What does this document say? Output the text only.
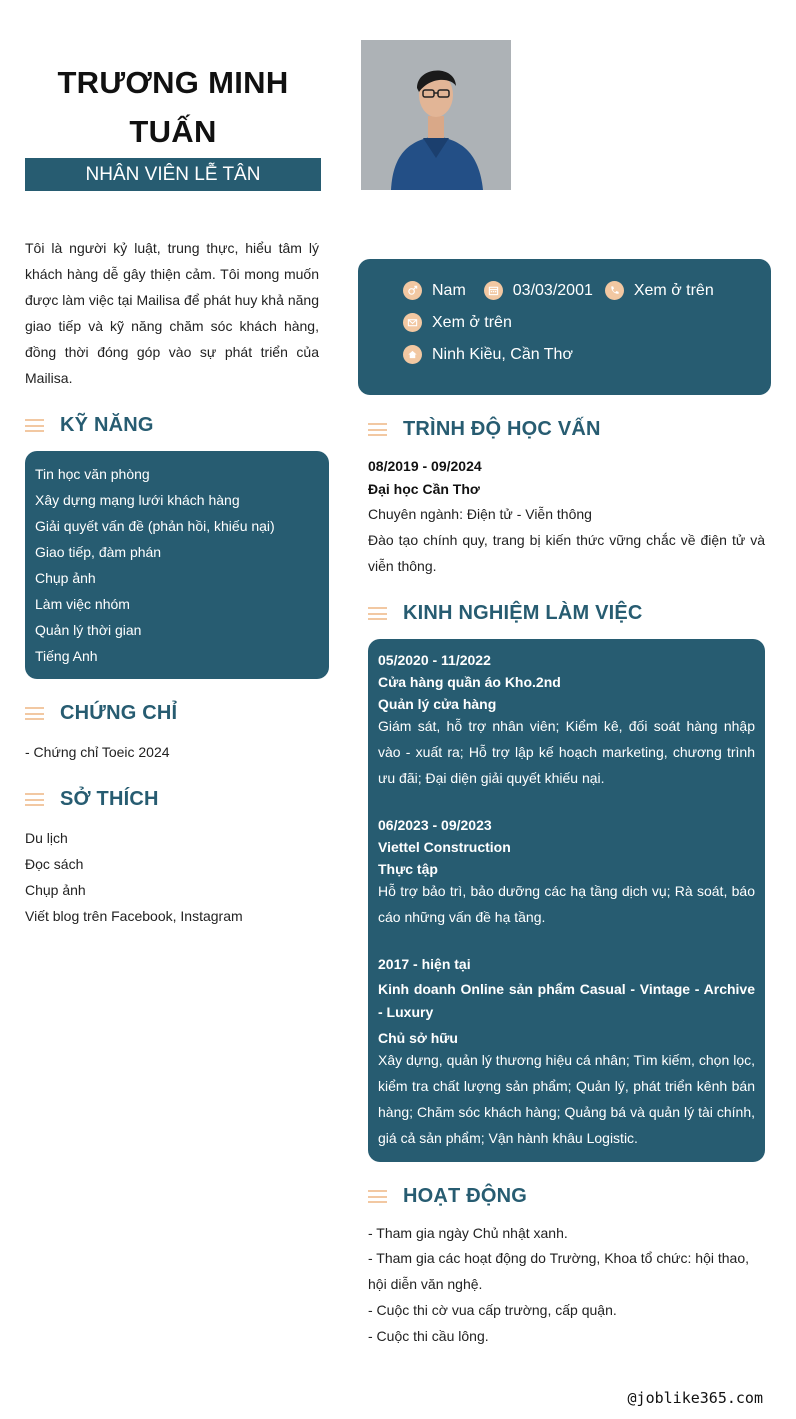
TRƯƠNG MINH
TUẤN
NHÂN VIÊN LỄ TÂN
Tôi là người kỷ luật, trung thực, hiểu tâm lý khách hàng dễ gây thiện cảm. Tôi mong muốn được làm việc tại Mailisa để phát huy khả năng giao tiếp và kỹ năng chăm sóc khách hàng, đồng thời đóng góp vào sự phát triển của Mailisa.
Nam	03/03/2001	Xem ở trên
Xem ở trên
Ninh Kiều, Cần Thơ
KỸ NĂNG
Tin học văn phòng
Xây dựng mạng lưới khách hàng
Giải quyết vấn đề (phản hồi, khiếu nại)
Giao tiếp, đàm phán
Chụp ảnh
Làm việc nhóm
Quản lý thời gian
Tiếng Anh
CHỨNG CHỈ
- Chứng chỉ Toeic 2024
SỞ THÍCH
Du lịch
Đọc sách
Chụp ảnh
Viết blog trên Facebook, Instagram
TRÌNH ĐỘ HỌC VẤN
08/2019 - 09/2024
Đại học Cần Thơ
Chuyên ngành: Điện tử - Viễn thông
Đào tạo chính quy, trang bị kiến thức vững chắc về điện tử và viễn thông.
KINH NGHIỆM LÀM VIỆC
05/2020 - 11/2022
Cửa hàng quần áo Kho.2nd
Quản lý cửa hàng
Giám sát, hỗ trợ nhân viên; Kiểm kê, đối soát hàng nhập vào - xuất ra; Hỗ trợ lập kế hoạch marketing, chương trình ưu đãi; Đại diện giải quyết khiếu nại.
06/2023 - 09/2023
Viettel Construction
Thực tập
Hỗ trợ bảo trì, bảo dưỡng các hạ tầng dịch vụ; Rà soát, báo cáo những vấn đề hạ tầng.
2017 - hiện tại
Kinh doanh Online sản phẩm Casual - Vintage - Archive - Luxury
Chủ sở hữu
Xây dựng, quản lý thương hiệu cá nhân; Tìm kiếm, chọn lọc, kiểm tra chất lượng sản phẩm; Quản lý, phát triển kênh bán hàng; Chăm sóc khách hàng; Quảng bá và quản lý tài chính, giá cả sản phẩm; Vận hành khâu Logistic.
HOẠT ĐỘNG
- Tham gia ngày Chủ nhật xanh.
- Tham gia các hoạt động do Trường, Khoa tổ chức: hội thao, hội diễn văn nghệ.
- Cuộc thi cờ vua cấp trường, cấp quận.
- Cuộc thi cầu lông.
@joblike365.com
